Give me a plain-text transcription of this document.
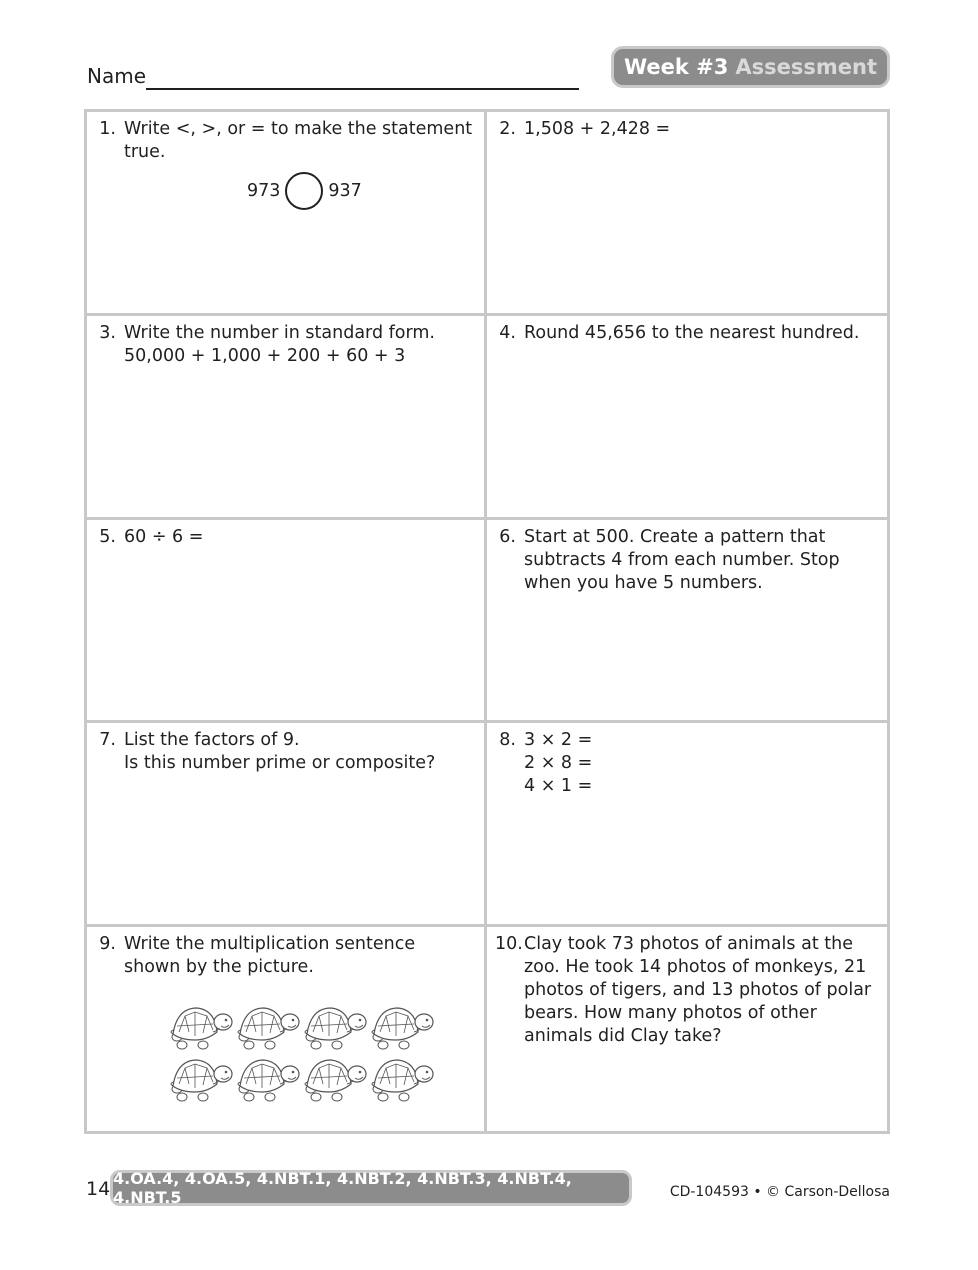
Name	Week #3 Assessment
1. Write <, >, or = to make the statement true.

973	937
2. 1,508 + 2,428 =

3. Write the number in standard form.

50,000 + 1,000 + 200 + 60 + 3

4. Round 45,656 to the nearest hundred.

5. 60 ÷ 6 =	6. Start at 500. Create a pattern that subtracts 4 from each number. Stop when you have 5 numbers.

7. List the factors of 9.

Is this number prime or composite?

8. 3 × 2 =

2 × 8 =

4 × 1 =

9. Write the multiplication sentence shown by the picture.

10. Clay took 73 photos of animals at the zoo. He took 14 photos of monkeys, 21 photos of tigers, and 13 photos of polar bears. How many photos of other animals did Clay take?

14 4.OA.4, 4.OA.5, 4.NBT.1, 4.NBT.2, 4.NBT.3, 4.NBT.4, 4.NBT.5	CD-104593 • © Carson-Dellosa
